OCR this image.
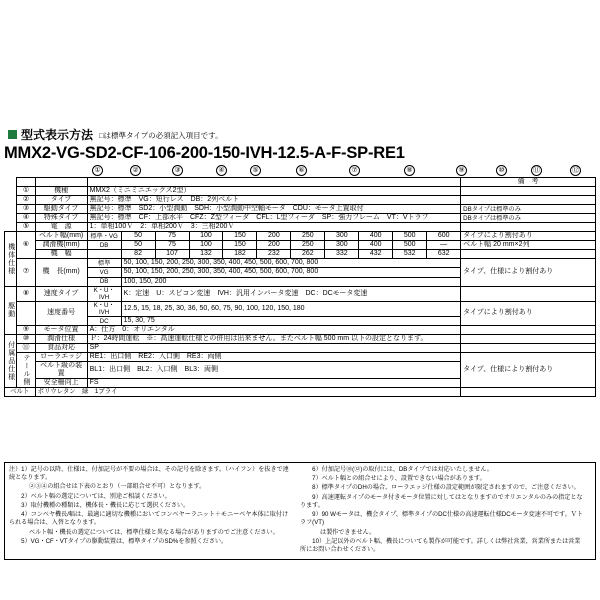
型式表示方法 □は標準タイプの必須記入項目です。
MMX2-VG-SD2-CF-106-200-150-IVH-12.5-A-F-SP-RE1
①	②	③	④	⑤	⑥	⑦	⑧	⑨	⑩	⑪	⑫
														備　考
	①	機種	MMX2（ミニミニエックス2型）											
	②	タイプ	無記号：標準　VG：短行レス　DB：2列ベルト											
	③	駆動タイプ	無記号：標準　SD2：小型潤動　SDH：小型潤動中空軸モータ　CDU：モータ上置取付											DBタイプは標準のみ
	④	特殊タイプ	無記号：標準　CF：上部水平　CFZ：Z型フィーダ　CFL：L型フィーダ　SP：強力フレーム　VT：Vトラフ											DBタイプは標準のみ
	⑤	電　源	1：単相100Ｖ　2：単相200Ｖ　3：三相200Ｖ											
機体仕様	⑥	ベルト幅(mm)	標準・VG	50	75	100	150	200	250	300	400	500	600	タイプにより割付あり
		潤滑機(mm)	DB	50	75	100	150	200	250	300	400	500	—	ベルト幅 20 mm×2列
		機　幅		82	107	132	182	232	262	332	432	532	632	
	⑦	機　長(mm)	標準	50, 100, 150, 200, 250, 300, 350, 400, 450, 500, 600, 700, 800										タイプ、仕様により割付あり
			VG	50, 100, 150, 200, 250, 300, 350, 400, 450, 500, 600, 700, 800										
			DB	100, 150, 200										
駆動	⑧	速度タイプ	K・U・IVH	K：定速　U：スピコン変速　IVH：汎用インバータ変速　DC：DCモータ変速										
		速度番号	K・U・IVH	12.5, 15, 18, 25, 30, 36, 50, 60, 75, 90, 100, 120, 150, 180										タイプにより割付あり
			DC	15, 30, 75										
	⑨	モータ位置	A：仕方　0：オリエンタル											
付属品仕様	⑩	潤滑仕様	Ｐ：24時間運転　※：高速運転仕様との併用は出来ません。またベルト幅 500 mm 以下の設定となります。											
	⑪	食品対応	SP											
	テール側	ローラエッジ	RE1：出口側　RE2：入口側　RE3：両側											タイプ、仕様により割付あり
		ベルト級の装置	BL1：出口側　BL2：入口側　BL3：両側											
		安全柵向上	FS											
ベルト		ポリウレタン　緑　1プライ												

注）1）記号の以降、仕様は、付加記号が不要の場合は、その記号を除きます。（ハイフン）を抜きで連続となります。

　　　 ②③④の組合せは下表のとおり（一部組合せ不可）となります。

　　2）ベルト幅の選定については、別途ご相談ください。

　　3）取付機種の種類は、機体長・機長に応じて選択ください。

　　4）コンベヤ機長/幅は、最適に適切な機種においてコンベヤーラニット＋モニーベヤ本体に取付けられる場合は、入替となります。

　　　 ベルト幅・機長の選定については、標準仕様と異なる場合がありますのでご注意ください。

　　5）VG・CF・VTタイプの駆動装置は、標準タイプのSD%を参照ください。

　　6）付加記号⑩(⑫)の取付には、DBタイプでは対応いたしません。

　　7）ベルト幅との組合せにより、設置できない場合があります。

　　8）標準タイプのDHの場合、ローラエッジ仕様の設定範囲が限定されますので、ご注意ください。

　　9）高速運転タイプのモータ付きモータ位置に対してはとなりますのでオリエンタルのみの指定となります。

　　9）90 Wモータは、機会タイプ、標準タイプのDC仕様の高速運転仕様DCモータ変速不可です。Ｖトラフ(VT)

　　　 は製作できません。

　　10）上記以外のベルト幅、機長についても製作が可能です。詳しくは弊社営業、営業所または営業所にお問い合わせください。
